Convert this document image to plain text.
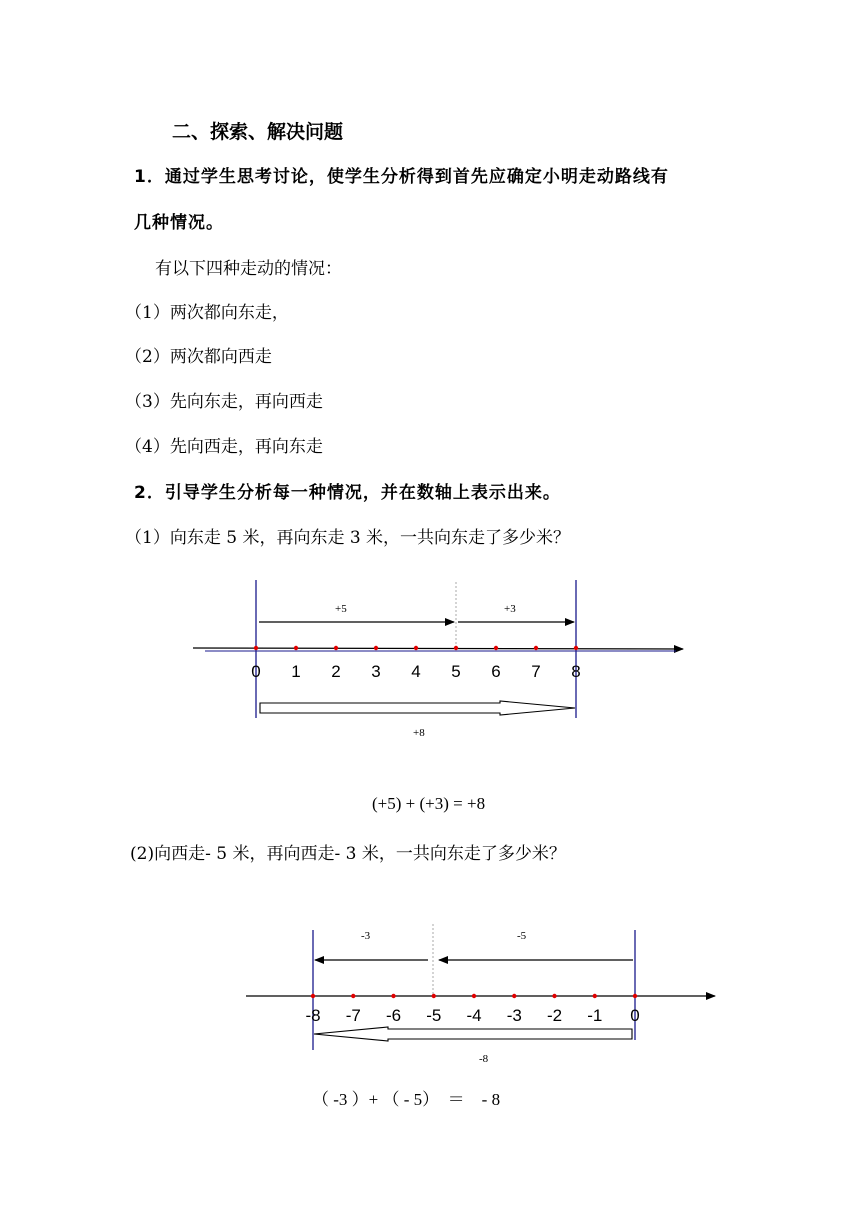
二、探索、解决问题
1．通过学生思考讨论，使学生分析得到首先应确定小明走动路线有
几种情况。
有以下四种走动的情况：
（1）两次都向东走，
（2）两次都向西走
（3）先向东走，再向西走
（4）先向西走，再向东走
2．引导学生分析每一种情况，并在数轴上表示出来。
（1）向东走 5 米，再向东走 3 米，一共向东走了多少米？
0 1 2 3 4 5 6 7 8
+5	+3
+8
(+5) + (+3) = +8
(2)向西走- 5 米，再向西走- 3 米，一共向东走了多少米？
-8 -7 -6 -5 -4 -3 -2 -1 0
-3	-5
-8
（ -3 ）+ （ - 5）　＝　- 8
